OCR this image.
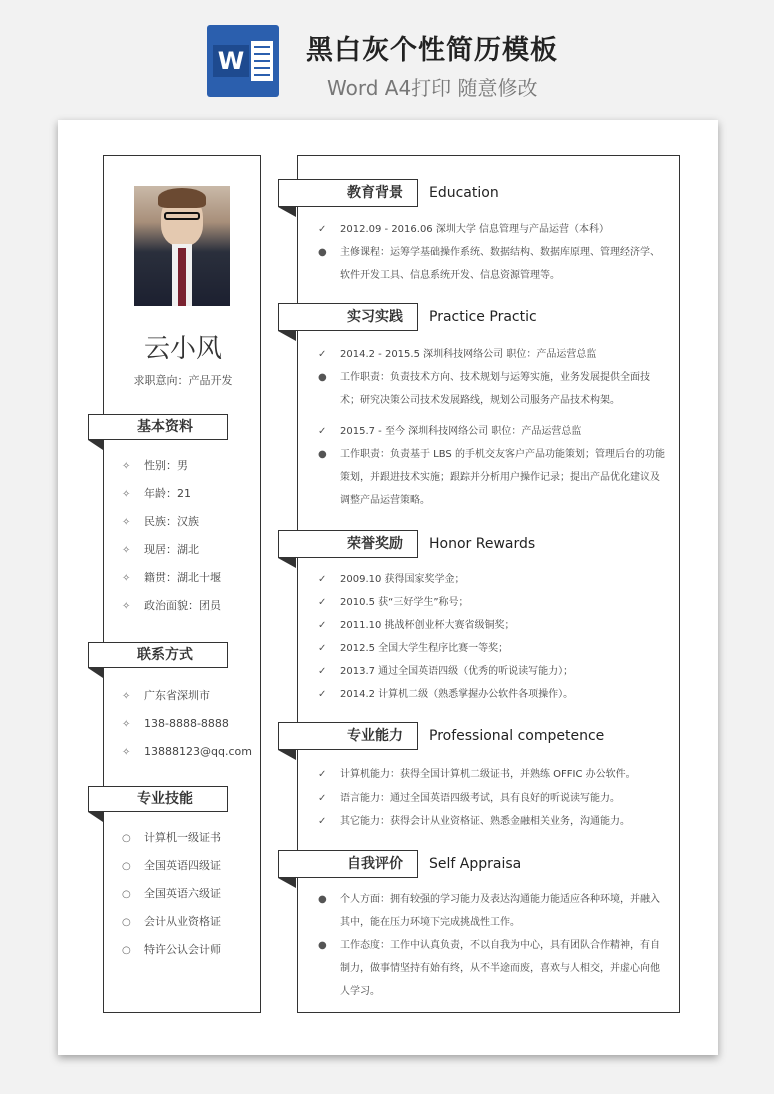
W 黑白灰个性简历模板
Word A4打印 随意修改
云小风
求职意向：产品开发
基本资料
✧ 性别：男
✧ 年龄：21
✧ 民族：汉族
✧ 现居：湖北
✧ 籍贯：湖北十堰
✧ 政治面貌：团员
联系方式
✧ 广东省深圳市
✧ 138-8888-8888
✧ 13888123@qq.com
专业技能
○ 计算机一级证书
○ 全国英语四级证
○ 全国英语六级证
○ 会计从业资格证
○ 特许公认会计师
教育背景	Education
✓	2012.09 - 2016.06 深圳大学 信息管理与产品运营（本科）
●	主修课程：运筹学基础操作系统、数据结构、数据库原理、管理经济学、软件开发工具、信息系统开发、信息资源管理等。
实习实践	Practice Practic
✓	2014.2 - 2015.5 深圳科技网络公司 职位：产品运营总监
●	工作职责：负责技术方向、技术规划与运筹实施，业务发展提供全面技术；研究决策公司技术发展路线，规划公司服务产品技术构架。
✓	2015.7 - 至今 深圳科技网络公司 职位：产品运营总监
●	工作职责：负责基于 LBS 的手机交友客户产品功能策划；管理后台的功能策划，并跟进技术实施；跟踪并分析用户操作记录；提出产品优化建议及调整产品运营策略。
荣誉奖励	Honor Rewards
✓	2009.10 获得国家奖学金；
✓	2010.5 获“三好学生”称号；
✓	2011.10 挑战杯创业杯大赛省级铜奖；
✓	2012.5 全国大学生程序比赛一等奖；
✓	2013.7 通过全国英语四级（优秀的听说读写能力）；
✓	2014.2 计算机二级（熟悉掌握办公软件各项操作）。
专业能力	Professional competence
✓	计算机能力：获得全国计算机二级证书，并熟练 OFFIC 办公软件。
✓	语言能力：通过全国英语四级考试，具有良好的听说读写能力。
✓	其它能力：获得会计从业资格证、熟悉金融相关业务，沟通能力。
自我评价	Self Appraisa
●	个人方面：拥有较强的学习能力及表达沟通能力能适应各种环境，并融入其中，能在压力环境下完成挑战性工作。
●	工作态度：工作中认真负责，不以自我为中心，具有团队合作精神，有自制力，做事情坚持有始有终，从不半途而废，喜欢与人相交，并虚心向他人学习。
